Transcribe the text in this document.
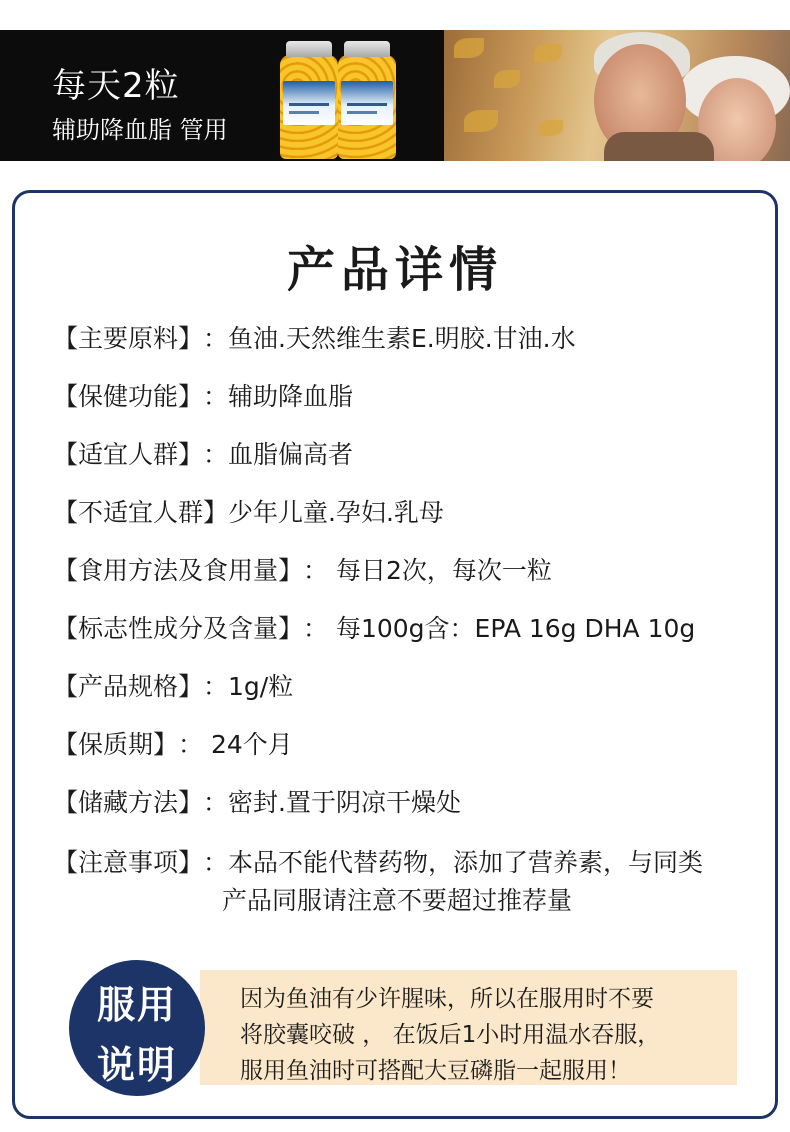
每天2粒
辅助降血脂 管用
产品详情
【主要原料】：鱼油.天然维生素E.明胶.甘油.水
【保健功能】：辅助降血脂
【适宜人群】：血脂偏高者
【不适宜人群】少年儿童.孕妇.乳母
【食用方法及食用量】： 每日2次，每次一粒
【标志性成分及含量】： 每100g含：EPA 16g DHA 10g
【产品规格】：1g/粒
【保质期】： 24个月
【储藏方法】：密封.置于阴凉干燥处
【注意事项】：本品不能代替药物，添加了营养素，与同类
产品同服请注意不要超过推荐量
因为鱼油有少许腥味，所以在服用时不要
将胶囊咬破 ， 在饭后1小时用温水吞服，
服用鱼油时可搭配大豆磷脂一起服用！
服用
说明
